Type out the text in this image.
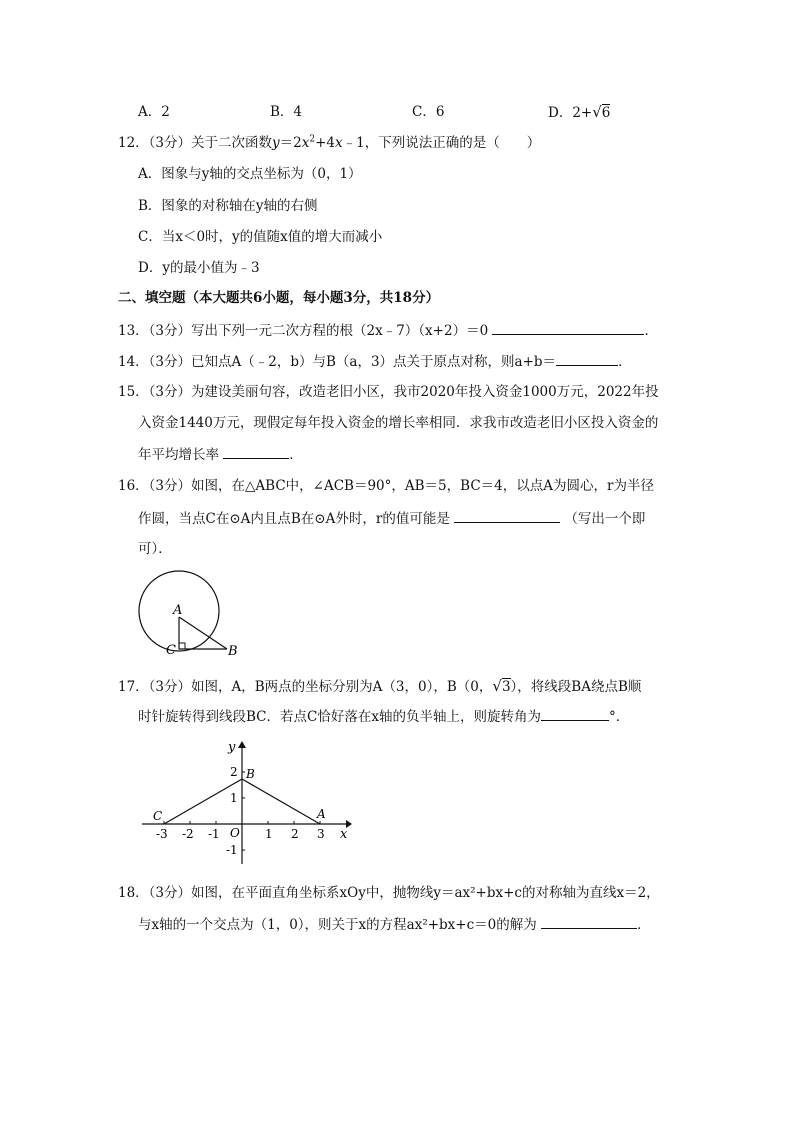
A．2	B．4	C．6	D．2+√6
12．（3分）关于二次函数$y=2x^2+4x﹣1$，下列说法正确的是（　　）
A．图象与y轴的交点坐标为（0，1）
B．图象的对称轴在y轴的右侧
C．当x＜0时，y的值随x值的增大而减小
D．y的最小值为﹣3
二、填空题（本大题共6小题，每小题3分，共18分）
13．（3分）写出下列一元二次方程的根（2x﹣7）（x+2）＝0	．
14．（3分）已知点A（﹣2，b）与B（a，3）点关于原点对称，则a+b＝	．
15．（3分）为建设美丽句容，改造老旧小区，我市2020年投入资金1000万元，2022年投
入资金1440万元，现假定每年投入资金的增长率相同．求我市改造老旧小区投入资金的
年平均增长率	．
16．（3分）如图，在△ABC中，∠ACB＝90°，AB＝5，BC＝4，以点A为圆心，r为半径
作圆，当点C在⊙A内且点B在⊙A外时，r的值可能是	（写出一个即
可）．
A
C	B
17．（3分）如图，A，B两点的坐标分别为A（3，0），B（0，√3），将线段BA绕点B顺
时针旋转得到线段BC．若点C恰好落在x轴的负半轴上，则旋转角为	°．
y
x
O
B
C	A
-3 -2 -1	1 2 3
2
1
-1
18．（3分）如图，在平面直角坐标系xOy中，抛物线y＝ax²+bx+c的对称轴为直线x＝2，
与x轴的一个交点为（1，0），则关于x的方程ax²+bx+c＝0的解为	．
